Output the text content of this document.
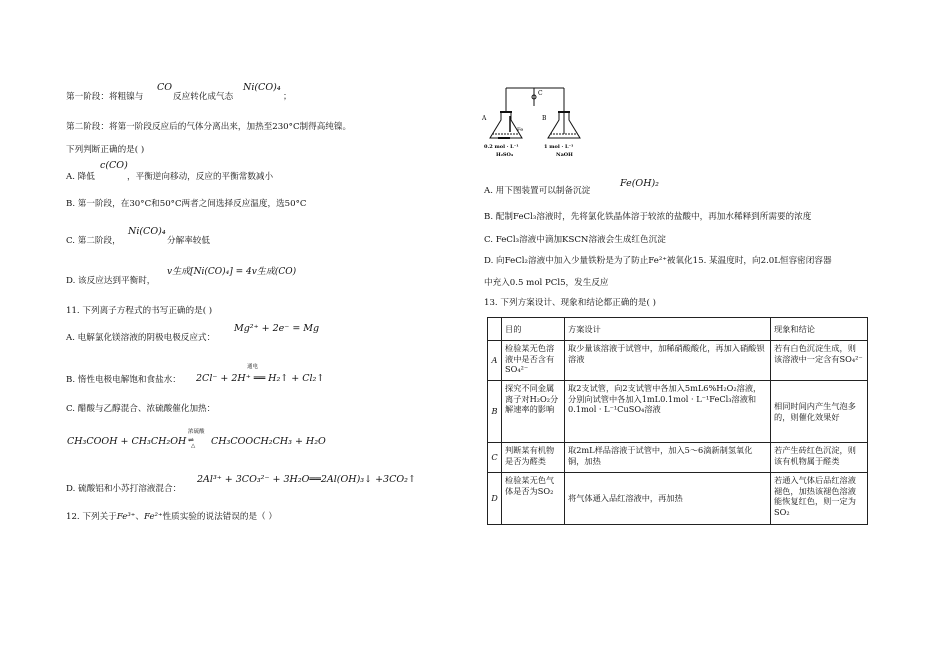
第一阶段：将粗镍与
CO
反应转化成气态
Ni(CO)₄
；
第二阶段：将第一阶段反应后的气体分离出来，加热至230°C制得高纯镍。
下列判断正确的是( )
c(CO)
A. 降低	，平衡逆向移动，反应的平衡常数减小
B. 第一阶段，在30°C和50°C两者之间选择反应温度，选50°C
Ni(CO)₄
C. 第二阶段，	分解率较低
v生成[Ni(CO)₄] = 4v生成(CO)
D. 该反应达到平衡时，
11. 下列离子方程式的书写正确的是( )
Mg²⁺ + 2e⁻ = Mg
A. 电解氯化镁溶液的阴极电极反应式：
B. 惰性电极电解饱和食盐水：
通电
2Cl⁻ + 2H⁺ ══ H₂↑ + Cl₂↑
C. 醋酸与乙醇混合、浓硫酸催化加热：
CH₃COOH + CH₃CH₂OH
浓硫酸
⇌
△ CH₃COOCH₂CH₃ + H₂O
2Al³⁺ + 3CO₃²⁻ + 3H₂O══2Al(OH)₃↓ +3CO₂↑
D. 硫酸铝和小苏打溶液混合：
12. 下列关于Fe³⁺、Fe²⁺性质实验的说法错误的是（ ）
A	B
C
Fe
0.2 mol · L⁻¹
H₂SO₄
1 mol · L⁻¹
NaOH
Fe(OH)₂
A. 用下图装置可以制备沉淀
B. 配制FeCl₃溶液时，先将氯化铁晶体溶于较浓的盐酸中，再加水稀释到所需要的浓度
C. FeCl₃溶液中滴加KSCN溶液会生成红色沉淀
D. 向FeCl₂溶液中加入少量铁粉是为了防止Fe²⁺被氧化15. 某温度时，向2.0L恒容密闭容器
中充入0.5 mol PCl5，发生反应
13. 下列方案设计、现象和结论都正确的是( )
	目的	方案设计	现象和结论
A	检验某无色溶液中是否含有SO₄²⁻	取少量该溶液于试管中，加稀硝酸酸化，再加入硝酸钡溶液	若有白色沉淀生成，则该溶液中一定含有SO₄²⁻
B	探究不同金属离子对H₂O₂分解速率的影响	取2支试管，向2支试管中各加入5mL6%H₂O₂溶液，分别向试管中各加入1mL0.1mol · L⁻¹FeCl₃溶液和0.1mol · L⁻¹CuSO₄溶液	相同时间内产生气泡多的，则催化效果好
C	判断某有机物是否为醛类	取2mL样品溶液于试管中，加入5～6滴新制氢氧化铜，加热	若产生砖红色沉淀，则该有机物属于醛类
D	检验某无色气体是否为SO₂	将气体通入品红溶液中，再加热	若通入气体后品红溶液褪色，加热该褪色溶液能恢复红色，则一定为SO₂
